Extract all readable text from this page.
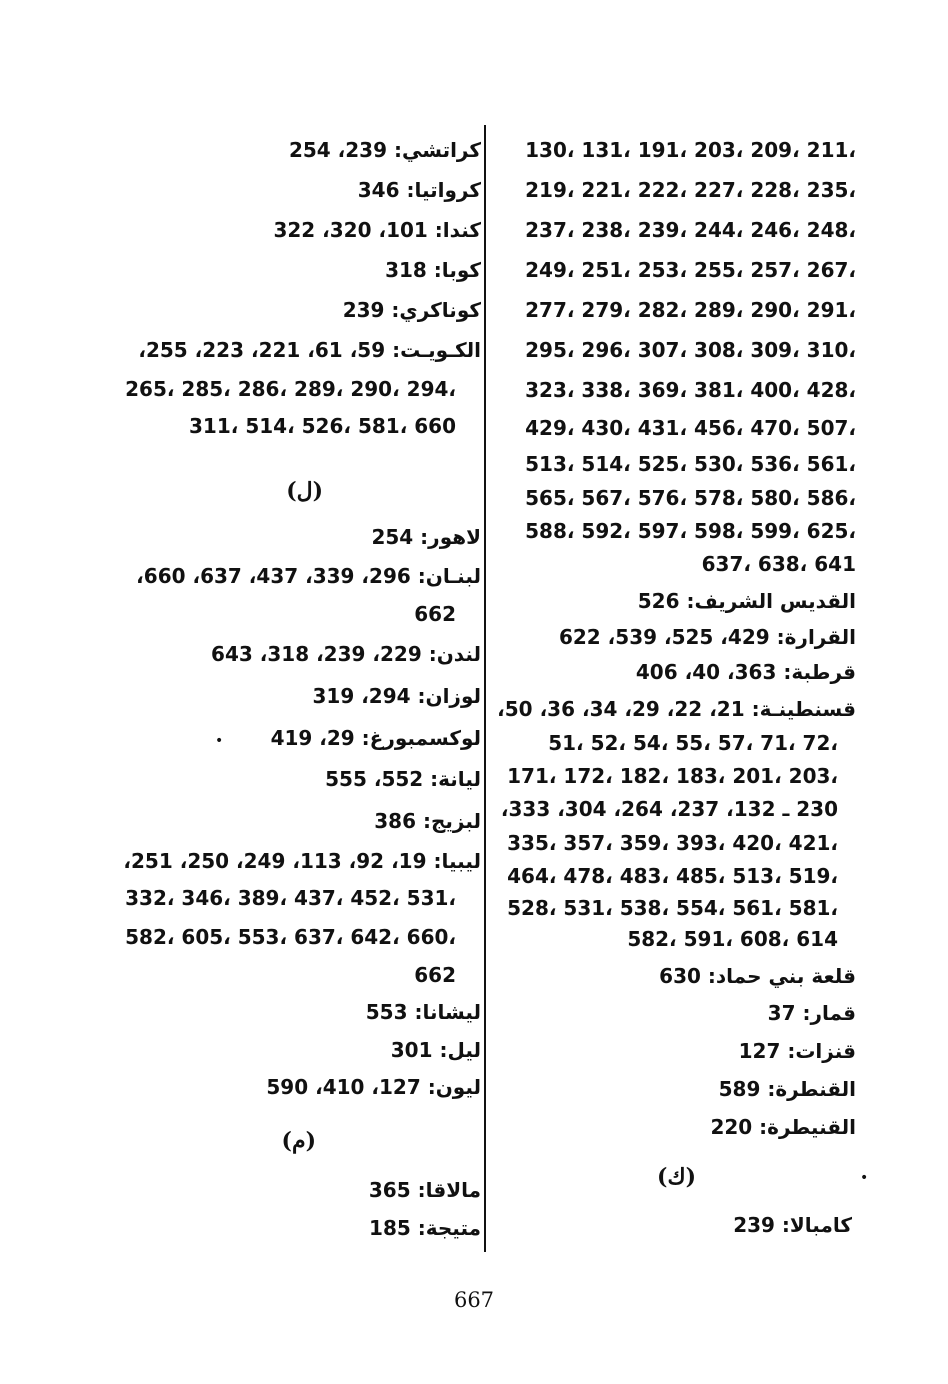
130، 131، 191، 203، 209، 211،
219، 221، 222، 227، 228، 235،
237، 238، 239، 244، 246، 248،
249، 251، 253، 255، 257، 267،
277، 279، 282، 289، 290، 291،
295، 296، 307، 308، 309، 310،
323، 338، 369، 381، 400، 428،
429، 430، 431، 456، 470، 507،
513، 514، 525، 530، 536، 561،
565، 567، 576، 578، 580، 586،
588، 592، 597، 598، 599، 625،
637، 638، 641
القديس الشريف: 526
القرارة: 429، 525، 539، 622
قرطبة: 363، 40، 406
قسنطينـة: 21، 22، 29، 34، 36، 50،
51، 52، 54، 55، 57، 71، 72،
171، 172، 182، 183، 201، 203،
230 ـ 132، 237، 264، 304، 333،
335، 357، 359، 393، 420، 421،
464، 478، 483، 485، 513، 519،
528، 531، 538، 554، 561، 581،
582، 591، 608، 614
قلعة بني حماد: 630
قمار: 37
قنزات: 127
القنطرة: 589
القنيطرة: 220
(ك)
كامبالا: 239
كراتشي: 239، 254
كرواتيا: 346
كندا: 101، 320، 322
كوبا: 318
كوناكري: 239
الكـويـت: 59، 61، 221، 223، 255،
265، 285، 286، 289، 290، 294،
311، 514، 526، 581، 660
(ل)
لاهور: 254
لبنـان: 296، 339، 437، 637، 660،
662
لندن: 229، 239، 318، 643
لوزان: 294، 319
لوكسمبورغ: 29، 419
ليانة: 552، 555
لبزيج: 386
ليبيا: 19، 92، 113، 249، 250، 251،
332، 346، 389، 437، 452، 531،
582، 605، 553، 637، 642، 660،
662
ليشانا: 553
ليل: 301
ليون: 127، 410، 590
(م)
مالاقا: 365
متيجة: 185
•
•
667
